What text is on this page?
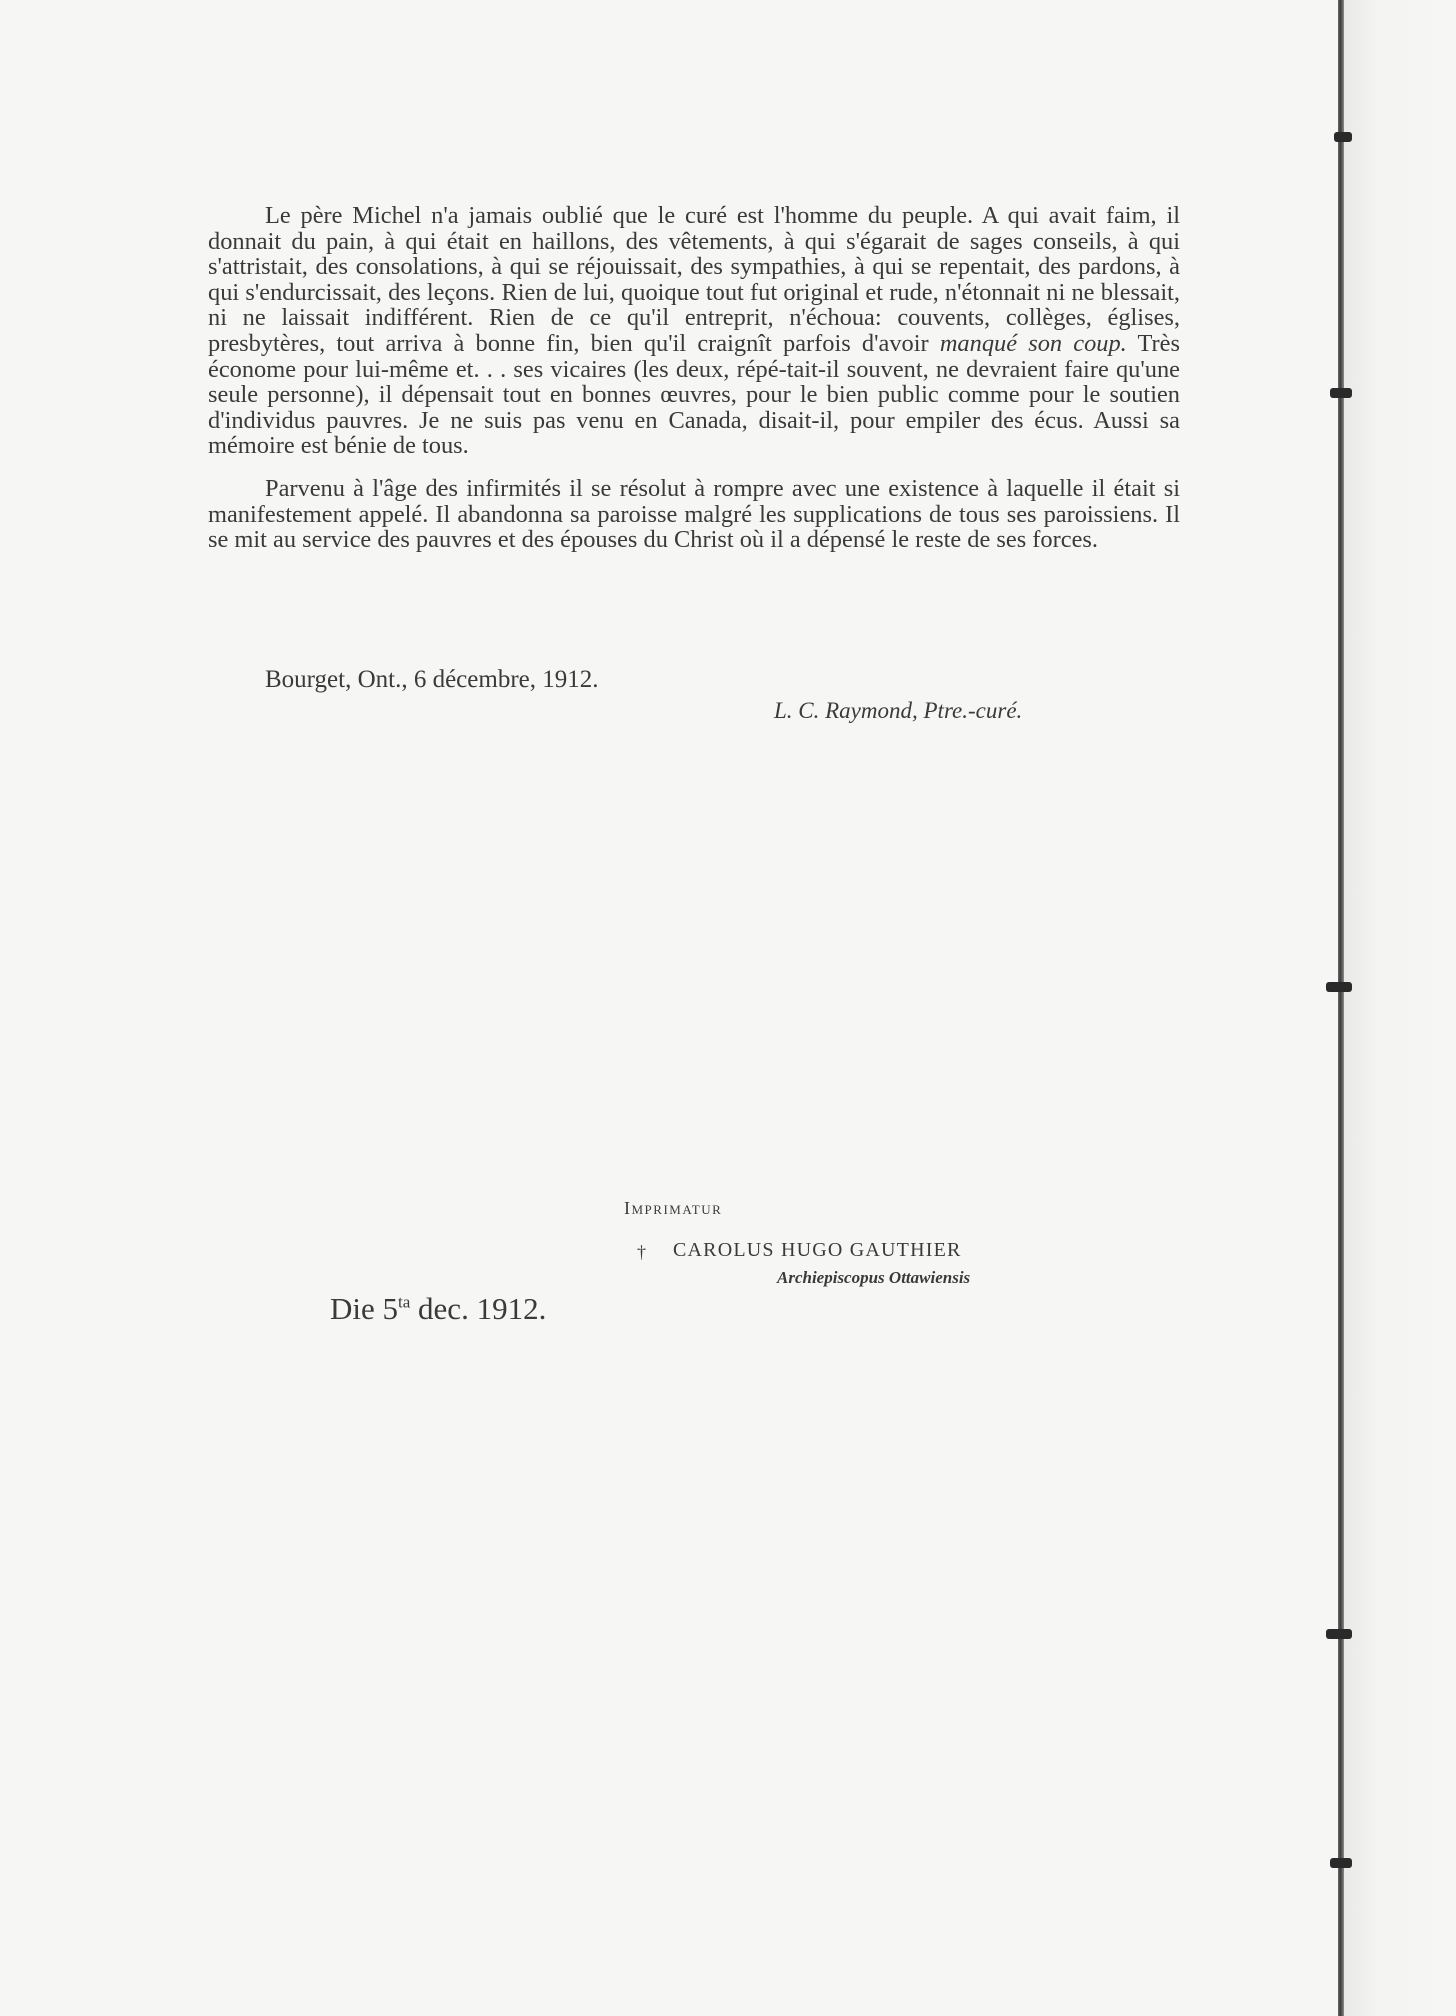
Le père Michel n'a jamais oublié que le curé est l'homme du peuple. A qui avait faim, il donnait du pain, à qui était en haillons, des vêtements, à qui s'égarait de sages conseils, à qui s'attristait, des consolations, à qui se réjouissait, des sympathies, à qui se repentait, des pardons, à qui s'endurcissait, des leçons. Rien de lui, quoique tout fut original et rude, n'étonnait ni ne blessait, ni ne laissait indifférent. Rien de ce qu'il entreprit, n'échoua: couvents, collèges, églises, presbytères, tout arriva à bonne fin, bien qu'il craignît parfois d'avoir manqué son coup. Très économe pour lui-même et. . . ses vicaires (les deux, répé-tait-il souvent, ne devraient faire qu'une seule personne), il dépensait tout en bonnes œuvres, pour le bien public comme pour le soutien d'individus pauvres. Je ne suis pas venu en Canada, disait-il, pour empiler des écus. Aussi sa mémoire est bénie de tous.

Parvenu à l'âge des infirmités il se résolut à rompre avec une existence à laquelle il était si manifestement appelé. Il abandonna sa paroisse malgré les supplications de tous ses paroissiens. Il se mit au service des pauvres et des épouses du Christ où il a dépensé le reste de ses forces.

Bourget, Ont., 6 décembre, 1912.
L. C. Raymond, Ptre.-curé.
Imprimatur
† CAROLUS HUGO GAUTHIER
Archiepiscopus Ottawiensis
Die $5^{ta}$ dec. 1912.
